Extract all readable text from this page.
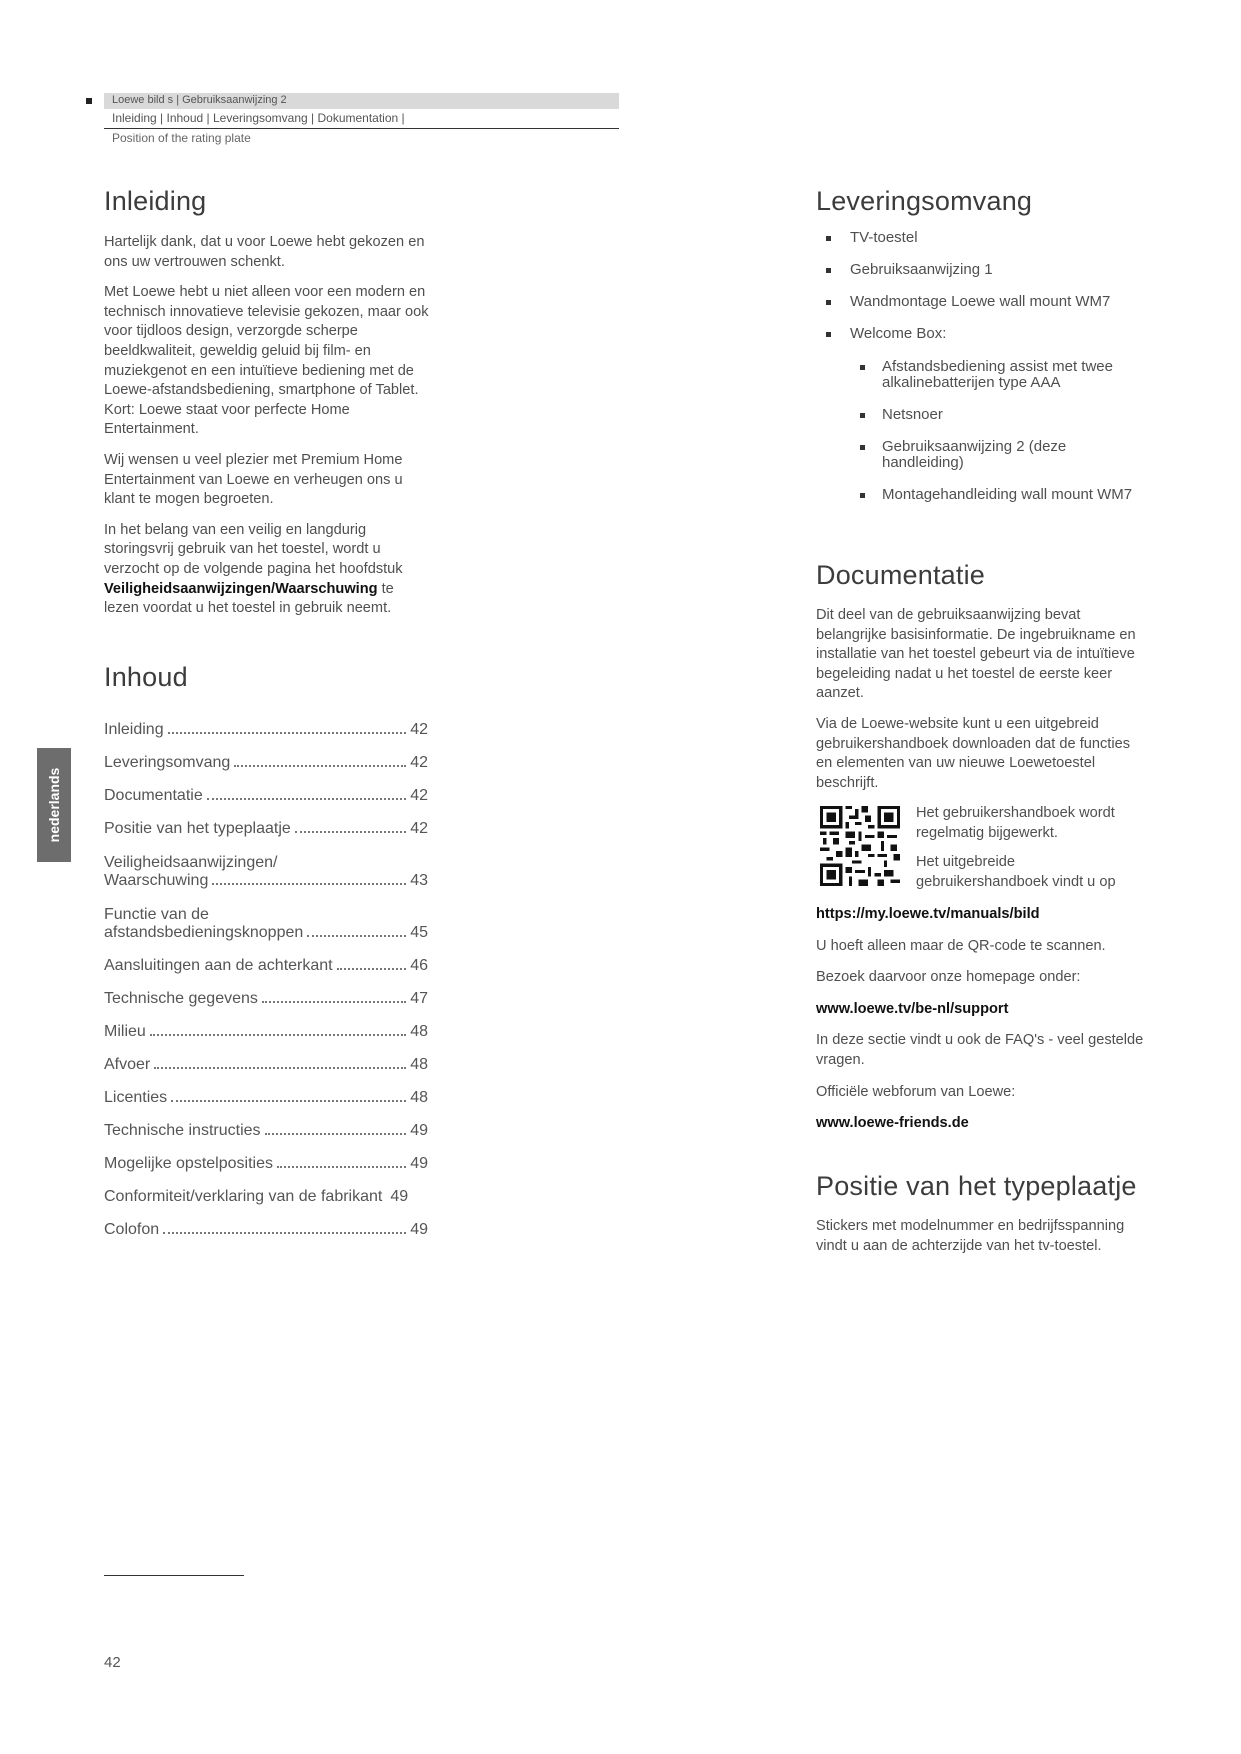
Loewe bild s | Gebruiksaanwijzing 2
Inleiding | Inhoud | Leveringsomvang | Dokumentation |
Position of the rating plate
nederlands
Inleiding

Hartelijk dank, dat u voor Loewe hebt gekozen en ons uw vertrouwen schenkt.

Met Loewe hebt u niet alleen voor een modern en technisch innovatieve televisie gekozen, maar ook voor tijdloos design, verzorgde scherpe beeldkwaliteit, geweldig geluid bij film- en muziekgenot en een intuïtieve bediening met de Loewe-afstandsbediening, smartphone of Tablet. Kort: Loewe staat voor perfecte Home Entertainment.

Wij wensen u veel plezier met Premium Home Entertainment van Loewe en verheugen ons u klant te mogen begroeten.

In het belang van een veilig en langdurig storingsvrij gebruik van het toestel, wordt u verzocht op de volgende pagina het hoofdstuk Veiligheidsaanwijzingen/Waarschuwing te lezen voordat u het toestel in gebruik neemt.

Inhoud
Inleiding	42
Leveringsomvang	42
Documentatie	42
Positie van het typeplaatje	42
Veiligheidsaanwijzingen/
Waarschuwing	43
Functie van de
afstandsbedieningsknoppen	45
Aansluitingen aan de achterkant	46
Technische gegevens	47
Milieu	48
Afvoer	48
Licenties	48
Technische instructies	49
Mogelijke opstelposities	49
Conformiteit/verklaring van de fabrikant 49
Colofon	49
Leveringsomvang
TV-toestel
Gebruiksaanwijzing 1
Wandmontage Loewe wall mount WM7
Welcome Box:
Afstandsbediening assist met twee alkalinebatterijen type AAA
Netsnoer
Gebruiksaanwijzing 2 (deze handleiding)
Montagehandleiding wall mount WM7
Documentatie

Dit deel van de gebruiksaanwijzing bevat belangrijke basisinformatie. De ingebruikname en installatie van het toestel gebeurt via de intuïtieve begeleiding nadat u het toestel de eerste keer aanzet.

Via de Loewe-website kunt u een uitgebreid gebruikershandboek downloaden dat de functies en elementen van uw nieuwe Loewetoestel beschrijft.

Het gebruikershandboek wordt regelmatig bijgewerkt.

Het uitgebreide gebruikershandboek vindt u op

https://my.loewe.tv/manuals/bild

U hoeft alleen maar de QR-code te scannen.

Bezoek daarvoor onze homepage onder:

www.loewe.tv/be-nl/support

In deze sectie vindt u ook de FAQ's - veel gestelde vragen.

Officiële webforum van Loewe:

www.loewe-friends.de

Positie van het typeplaatje

Stickers met modelnummer en bedrijfsspanning vindt u aan de achterzijde van het tv-toestel.

42
